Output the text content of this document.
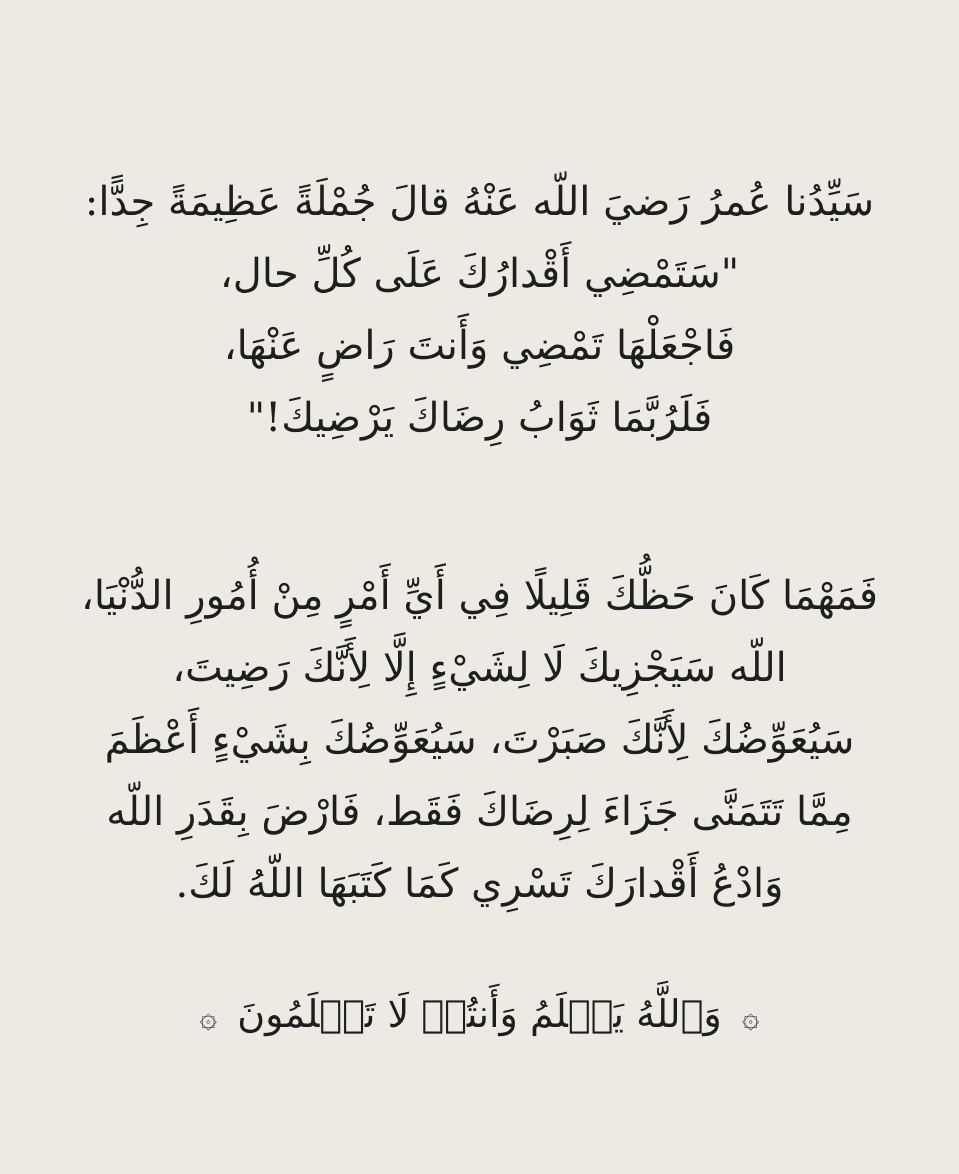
سَيِّدُنا عُمرُ رَضيَ اللّه عَنْهُ قالَ جُمْلَةً عَظِيمَةً جِدًّا:
"سَتَمْضِي أَقْدارُكَ عَلَى كُلِّ حال،
فَاجْعَلْهَا تَمْضِي وَأَنتَ رَاضٍ عَنْهَا،
فَلَرُبَّمَا ثَوَابُ رِضَاكَ يَرْضِيكَ!"
فَمَهْمَا كَانَ حَظُّكَ قَلِيلًا فِي أَيِّ أَمْرٍ مِنْ أُمُورِ الدُّنْيَا،
اللّه سَيَجْزِيكَ لَا لِشَيْءٍ إِلَّا لِأَنَّكَ رَضِيتَ،
سَيُعَوِّضُكَ لِأَنَّكَ صَبَرْتَ، سَيُعَوِّضُكَ بِشَيْءٍ أَعْظَمَ
مِمَّا تَتَمَنَّى جَزَاءَ لِرِضَاكَ فَقَط، فَارْضَ بِقَدَرِ اللّه
وَادْعُ أَقْدارَكَ تَسْرِي كَمَا كَتَبَهَا اللّهُ لَكَ.
۞ وَٱللَّهُ يَعۡلَمُ وَأَنتُمۡ لَا تَعۡلَمُونَ ۞
